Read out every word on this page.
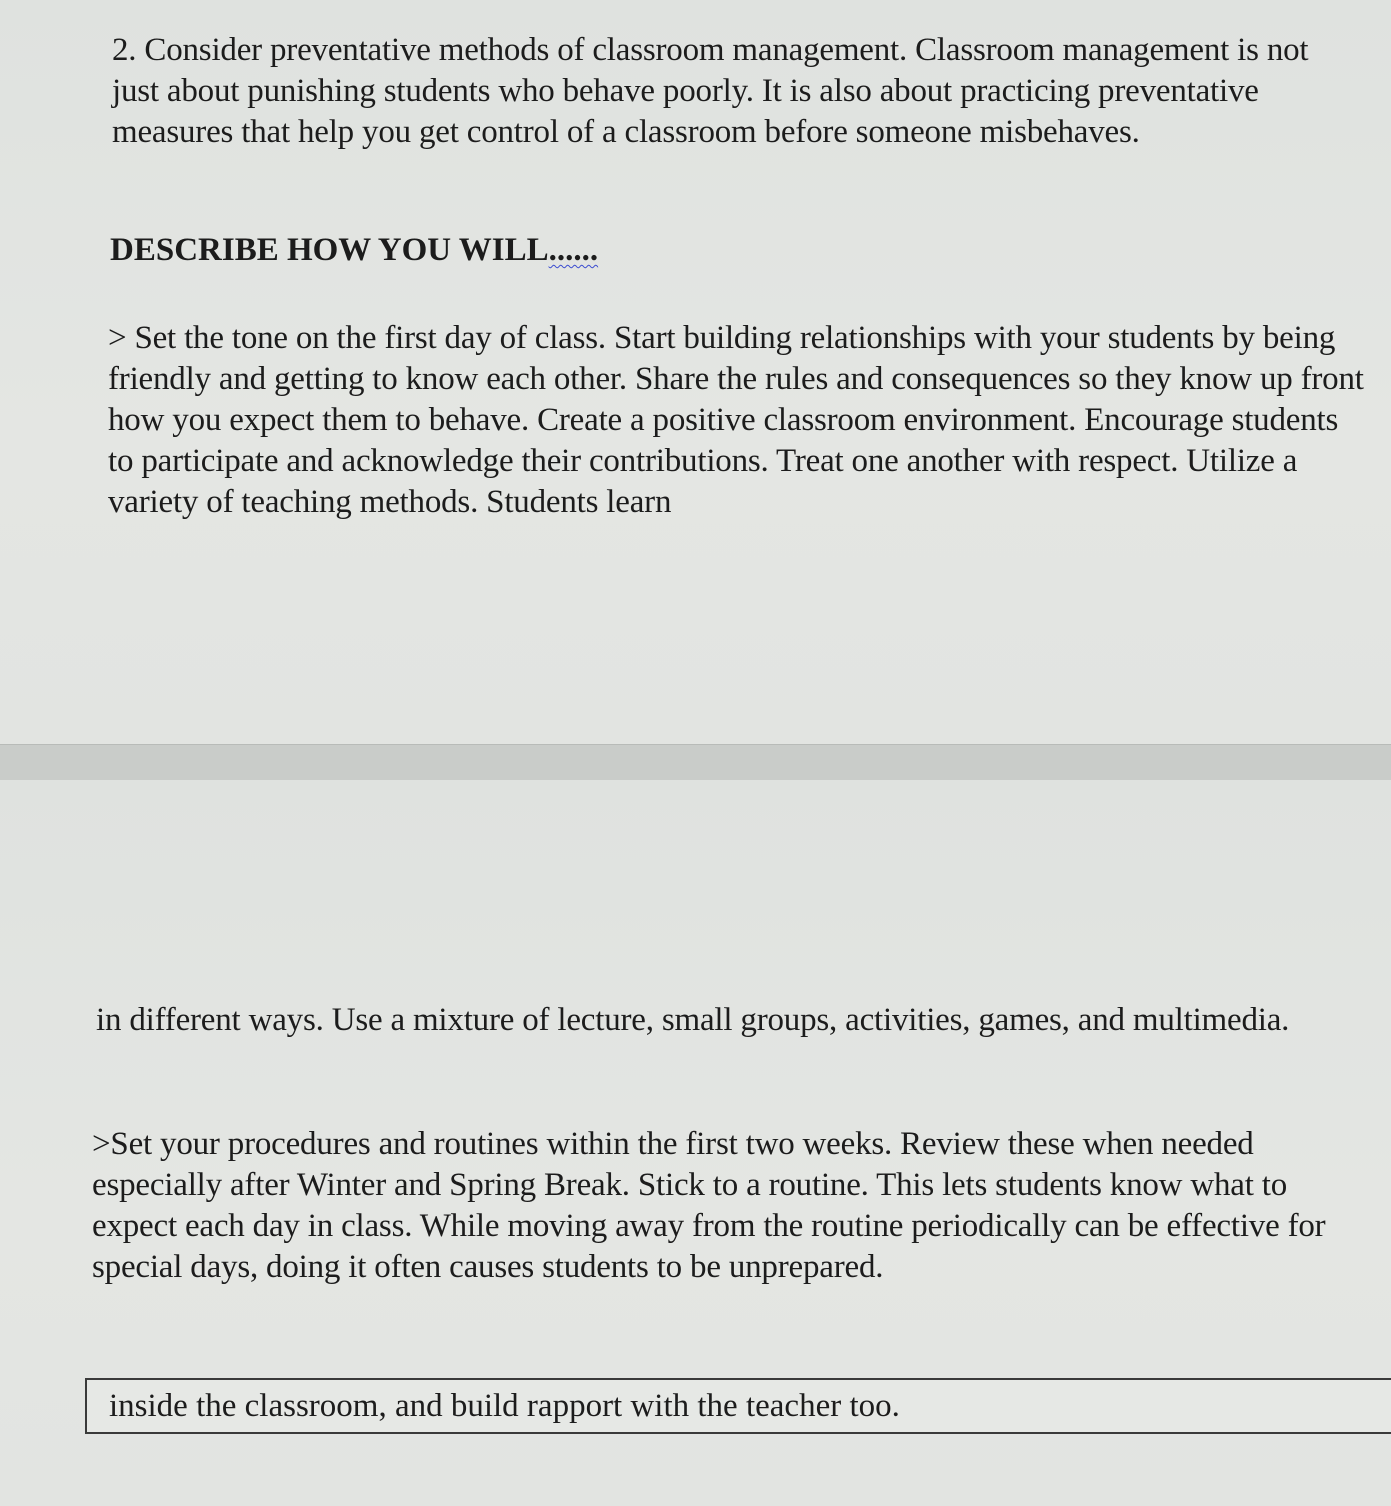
2. Consider preventative methods of classroom management. Classroom management is not just about punishing students who behave poorly. It is also about practicing preventative measures that help you get control of a classroom before someone misbehaves.

DESCRIBE HOW YOU WILL......

> Set the tone on the first day of class. Start building relationships with your students by being friendly and getting to know each other. Share the rules and consequences so they know up front how you expect them to behave. Create a positive classroom environment. Encourage students to participate and acknowledge their contributions. Treat one another with respect. Utilize a variety of teaching methods. Students learn

in different ways. Use a mixture of lecture, small groups, activities, games, and multimedia.

>Set your procedures and routines within the first two weeks. Review these when needed especially after Winter and Spring Break. Stick to a routine. This lets students know what to expect each day in class. While moving away from the routine periodically can be effective for special days, doing it often causes students to be unprepared.

inside the classroom, and build rapport with the teacher too.
